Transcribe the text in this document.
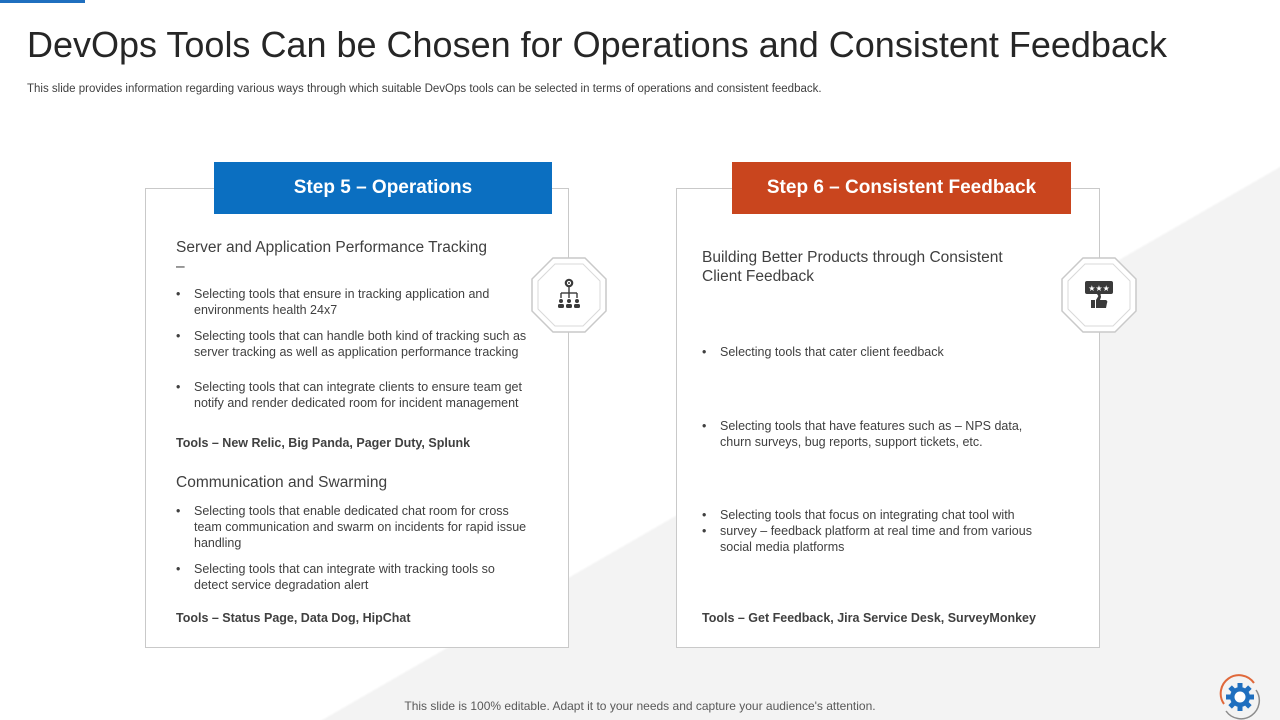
DevOps Tools Can be Chosen for Operations and Consistent Feedback

This slide provides information regarding various ways through which suitable DevOps tools can be selected in terms of operations and consistent feedback.

Step 5 – Operations
Server and Application Performance Tracking
–
• Selecting tools that ensure in tracking application and environments health 24x7
• Selecting tools that can handle both kind of tracking such as server tracking as well as application performance tracking
• Selecting tools that can integrate clients to ensure team get notify and render dedicated room for incident management
Tools – New Relic, Big Panda, Pager Duty, Splunk
Communication and Swarming
• Selecting tools that enable dedicated chat room for cross team communication and swarm on incidents for rapid issue handling
• Selecting tools that can integrate with tracking tools so detect service degradation alert
Tools – Status Page, Data Dog, HipChat
Step 6 – Consistent Feedback
★★★
Building Better Products through Consistent
Client Feedback
• Selecting tools that cater client feedback
• Selecting tools that have features such as – NPS data, churn surveys, bug reports, support tickets, etc.
• Selecting tools that focus on integrating chat tool with
• survey – feedback platform at real time and from various social media platforms
Tools – Get Feedback, Jira Service Desk, SurveyMonkey
This slide is 100% editable. Adapt it to your needs and capture your audience's attention.
